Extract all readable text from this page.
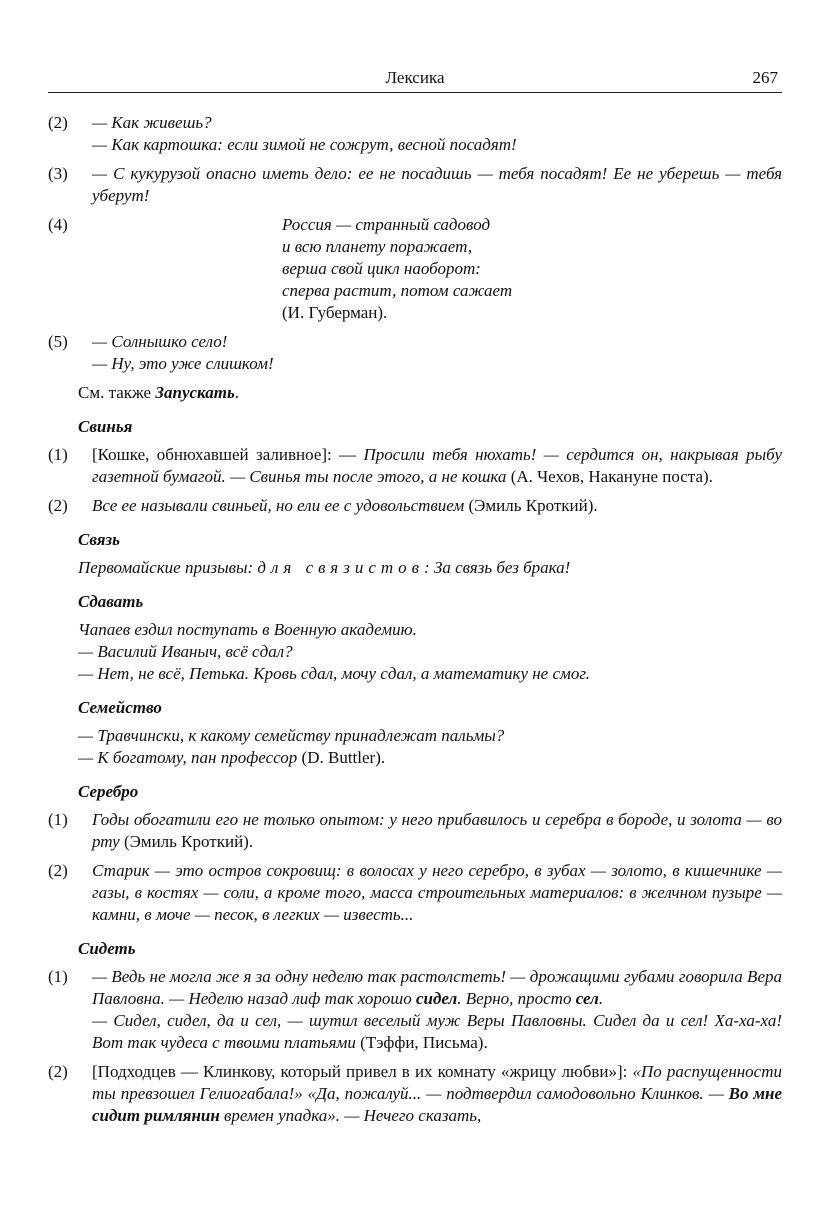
Лексика	267
(2) — Как живешь?
— Как картошка: если зимой не сожрут, весной посадят!
(3) — С кукурузой опасно иметь дело: ее не посадишь — тебя посадят! Ее не уберешь — тебя уберут!
(4)	Россия — странный садовод
и всю планету поражает,
верша свой цикл наоборот:
сперва растит, потом сажает
(И. Губерман).
(5) — Солнышко село!
— Ну, это уже слишком!
См. также Запускать.
Свинья
(1) [Кошке, обнюхавшей заливное]: — Просили тебя нюхать! — сердится он, накрывая рыбу газетной бумагой. — Свинья ты после этого, а не кошка (А. Чехов, Накануне поста).
(2) Все ее называли свиньей, но ели ее с удовольствием (Эмиль Кроткий).
Связь
Первомайские призывы: для связистов: За связь без брака!
Сдавать
Чапаев ездил поступать в Военную академию.
— Василий Иваныч, всё сдал?
— Нет, не всё, Петька. Кровь сдал, мочу сдал, а математику не смог.
Семейство
— Травчински, к какому семейству принадлежат пальмы?
— К богатому, пан профессор (D. Buttler).
Серебро
(1) Годы обогатили его не только опытом: у него прибавилось и серебра в бороде, и золота — во рту (Эмиль Кроткий).
(2) Старик — это остров сокровищ: в волосах у него серебро, в зубах — золото, в кишечнике — газы, в костях — соли, а кроме того, масса строительных материалов: в желчном пузыре — камни, в моче — песок, в легких — известь...
Сидеть
(1) — Ведь не могла же я за одну неделю так растолстеть! — дрожащими губами говорила Вера Павловна. — Неделю назад лиф так хорошо сидел. Верно, просто сел.
— Сидел, сидел, да и сел, — шутил веселый муж Веры Павловны. Сидел да и сел! Ха-ха-ха! Вот так чудеса с твоими платьями (Тэффи, Письма).
(2) [Подходцев — Клинкову, который привел в их комнату «жрицу любви»]: «По распущенности ты превзошел Гелиогабала!» «Да, пожалуй... — подтвердил самодовольно Клинков. — Во мне сидит римлянин времен упадка». — Нечего сказать,
